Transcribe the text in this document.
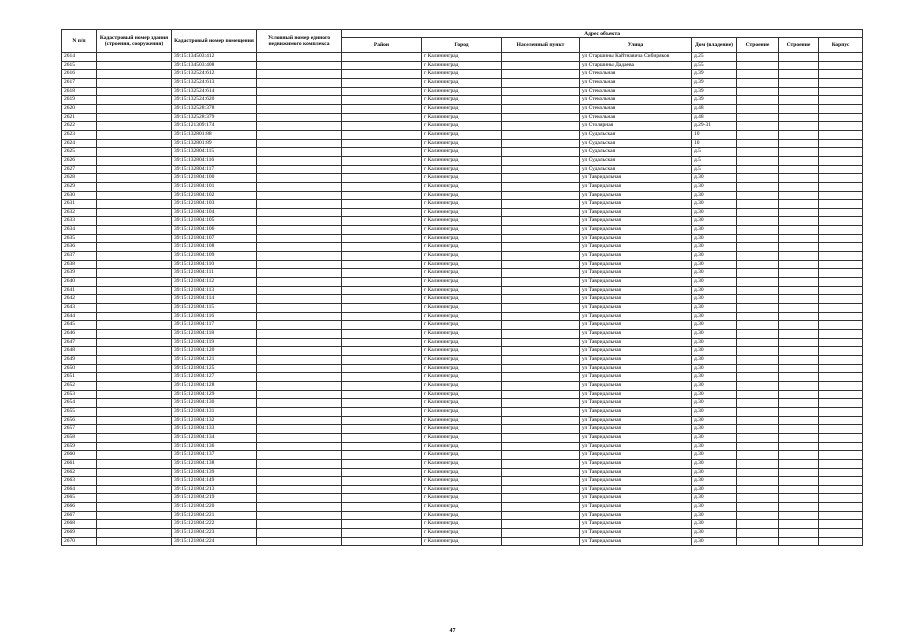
N п/п	Кадастровый номер здания (строения, сооружения)	Кадастровый номер помещения	Условный номер единого недвижимого комплекса	Адрес объекта							
				Район	Город	Населенный пункт	Улица	Дом (владение)	Строение	Строение	Корпус
2614		39:15:134503:412			г Калининград		ул Старшины Кайтнавича Сибиряков	д.25			
2615		39:15:134503:408			г Калининград		ул Старшины Дадаева	д.55			
2616		39:15:132524:612			г Калининград		ул Стекольная	д.39			
2617		39:15:132524:613			г Калининград		ул Стекольная	д.39			
2618		39:15:132524:614			г Калининград		ул Стекольная	д.39			
2619		39:15:132524:620			г Калининград		ул Стекольная	д.39			
2620		39:15:132528:378			г Калининград		ул Стекольная	д.48			
2621		39:15:132528:379			г Калининград		ул Стекольная	д.48			
2622		39:15:121309:174			г Калининград		ул Столярная	д.29-31			
2623		39:15:132801:88			г Калининград		ул Судальская	10			
2624		39:15:132801:89			г Калининград		ул Судальская	10			
2625		39:15:132804:115			г Калининград		ул Судальская	д.5			
2626		39:15:132804:116			г Калининград		ул Судальская	д.5			
2627		39:15:132804:117			г Калининград		ул Судальская	д.5			
2628		39:15:121804:100			г Калининград		ул Тавридальная	д.30			
2629		39:15:121804:101			г Калининград		ул Тавридальная	д.30			
2630		39:15:121804:102			г Калининград		ул Тавридальная	д.30			
2631		39:15:121804:103			г Калининград		ул Тавридальная	д.30			
2632		39:15:121804:104			г Калининград		ул Тавридальная	д.30			
2633		39:15:121804:105			г Калининград		ул Тавридальная	д.30			
2634		39:15:121804:106			г Калининград		ул Тавридальная	д.30			
2635		39:15:121804:107			г Калининград		ул Тавридальная	д.30			
2636		39:15:121804:108			г Калининград		ул Тавридальная	д.30			
2637		39:15:121804:109			г Калининград		ул Тавридальная	д.30			
2638		39:15:121804:110			г Калининград		ул Тавридальная	д.30			
2639		39:15:121804:111			г Калининград		ул Тавридальная	д.30			
2640		39:15:121804:112			г Калининград		ул Тавридальная	д.30			
2641		39:15:121804:113			г Калининград		ул Тавридальная	д.30			
2642		39:15:121804:114			г Калининград		ул Тавридальная	д.30			
2643		39:15:121804:115			г Калининград		ул Тавридальная	д.30			
2644		39:15:121804:116			г Калининград		ул Тавридальная	д.30			
2645		39:15:121804:117			г Калининград		ул Тавридальная	д.30			
2646		39:15:121804:118			г Калининград		ул Тавридальная	д.30			
2647		39:15:121804:119			г Калининград		ул Тавридальная	д.30			
2648		39:15:121804:120			г Калининград		ул Тавридальная	д.30			
2649		39:15:121804:121			г Калининград		ул Тавридальная	д.30			
2650		39:15:121804:125			г Калининград		ул Тавридальная	д.30			
2651		39:15:121804:127			г Калининград		ул Тавридальная	д.30			
2652		39:15:121804:128			г Калининград		ул Тавридальная	д.30			
2653		39:15:121804:129			г Калининград		ул Тавридальная	д.30			
2654		39:15:121804:130			г Калининград		ул Тавридальная	д.30			
2655		39:15:121804:131			г Калининград		ул Тавридальная	д.30			
2656		39:15:121804:132			г Калининград		ул Тавридальная	д.30			
2657		39:15:121804:133			г Калининград		ул Тавридальная	д.30			
2658		39:15:121804:134			г Калининград		ул Тавридальная	д.30			
2659		39:15:121804:136			г Калининград		ул Тавридальная	д.30			
2660		39:15:121804:137			г Калининград		ул Тавридальная	д.30			
2661		39:15:121804:138			г Калининград		ул Тавридальная	д.30			
2662		39:15:121804:139			г Калининград		ул Тавридальная	д.30			
2663		39:15:121804:149			г Калининград		ул Тавридальная	д.30			
2664		39:15:121804:213			г Калининград		ул Тавридальная	д.30			
2665		39:15:121804:219			г Калининград		ул Тавридальная	д.30			
2666		39:15:121804:220			г Калининград		ул Тавридальная	д.30			
2667		39:15:121804:221			г Калининград		ул Тавридальная	д.30			
2668		39:15:121804:222			г Калининград		ул Тавридальная	д.30			
2669		39:15:121804:223			г Калининград		ул Тавридальная	д.30			
2670		39:15:121804:224			г Калининград		ул Тавридальная	д.30			
47
